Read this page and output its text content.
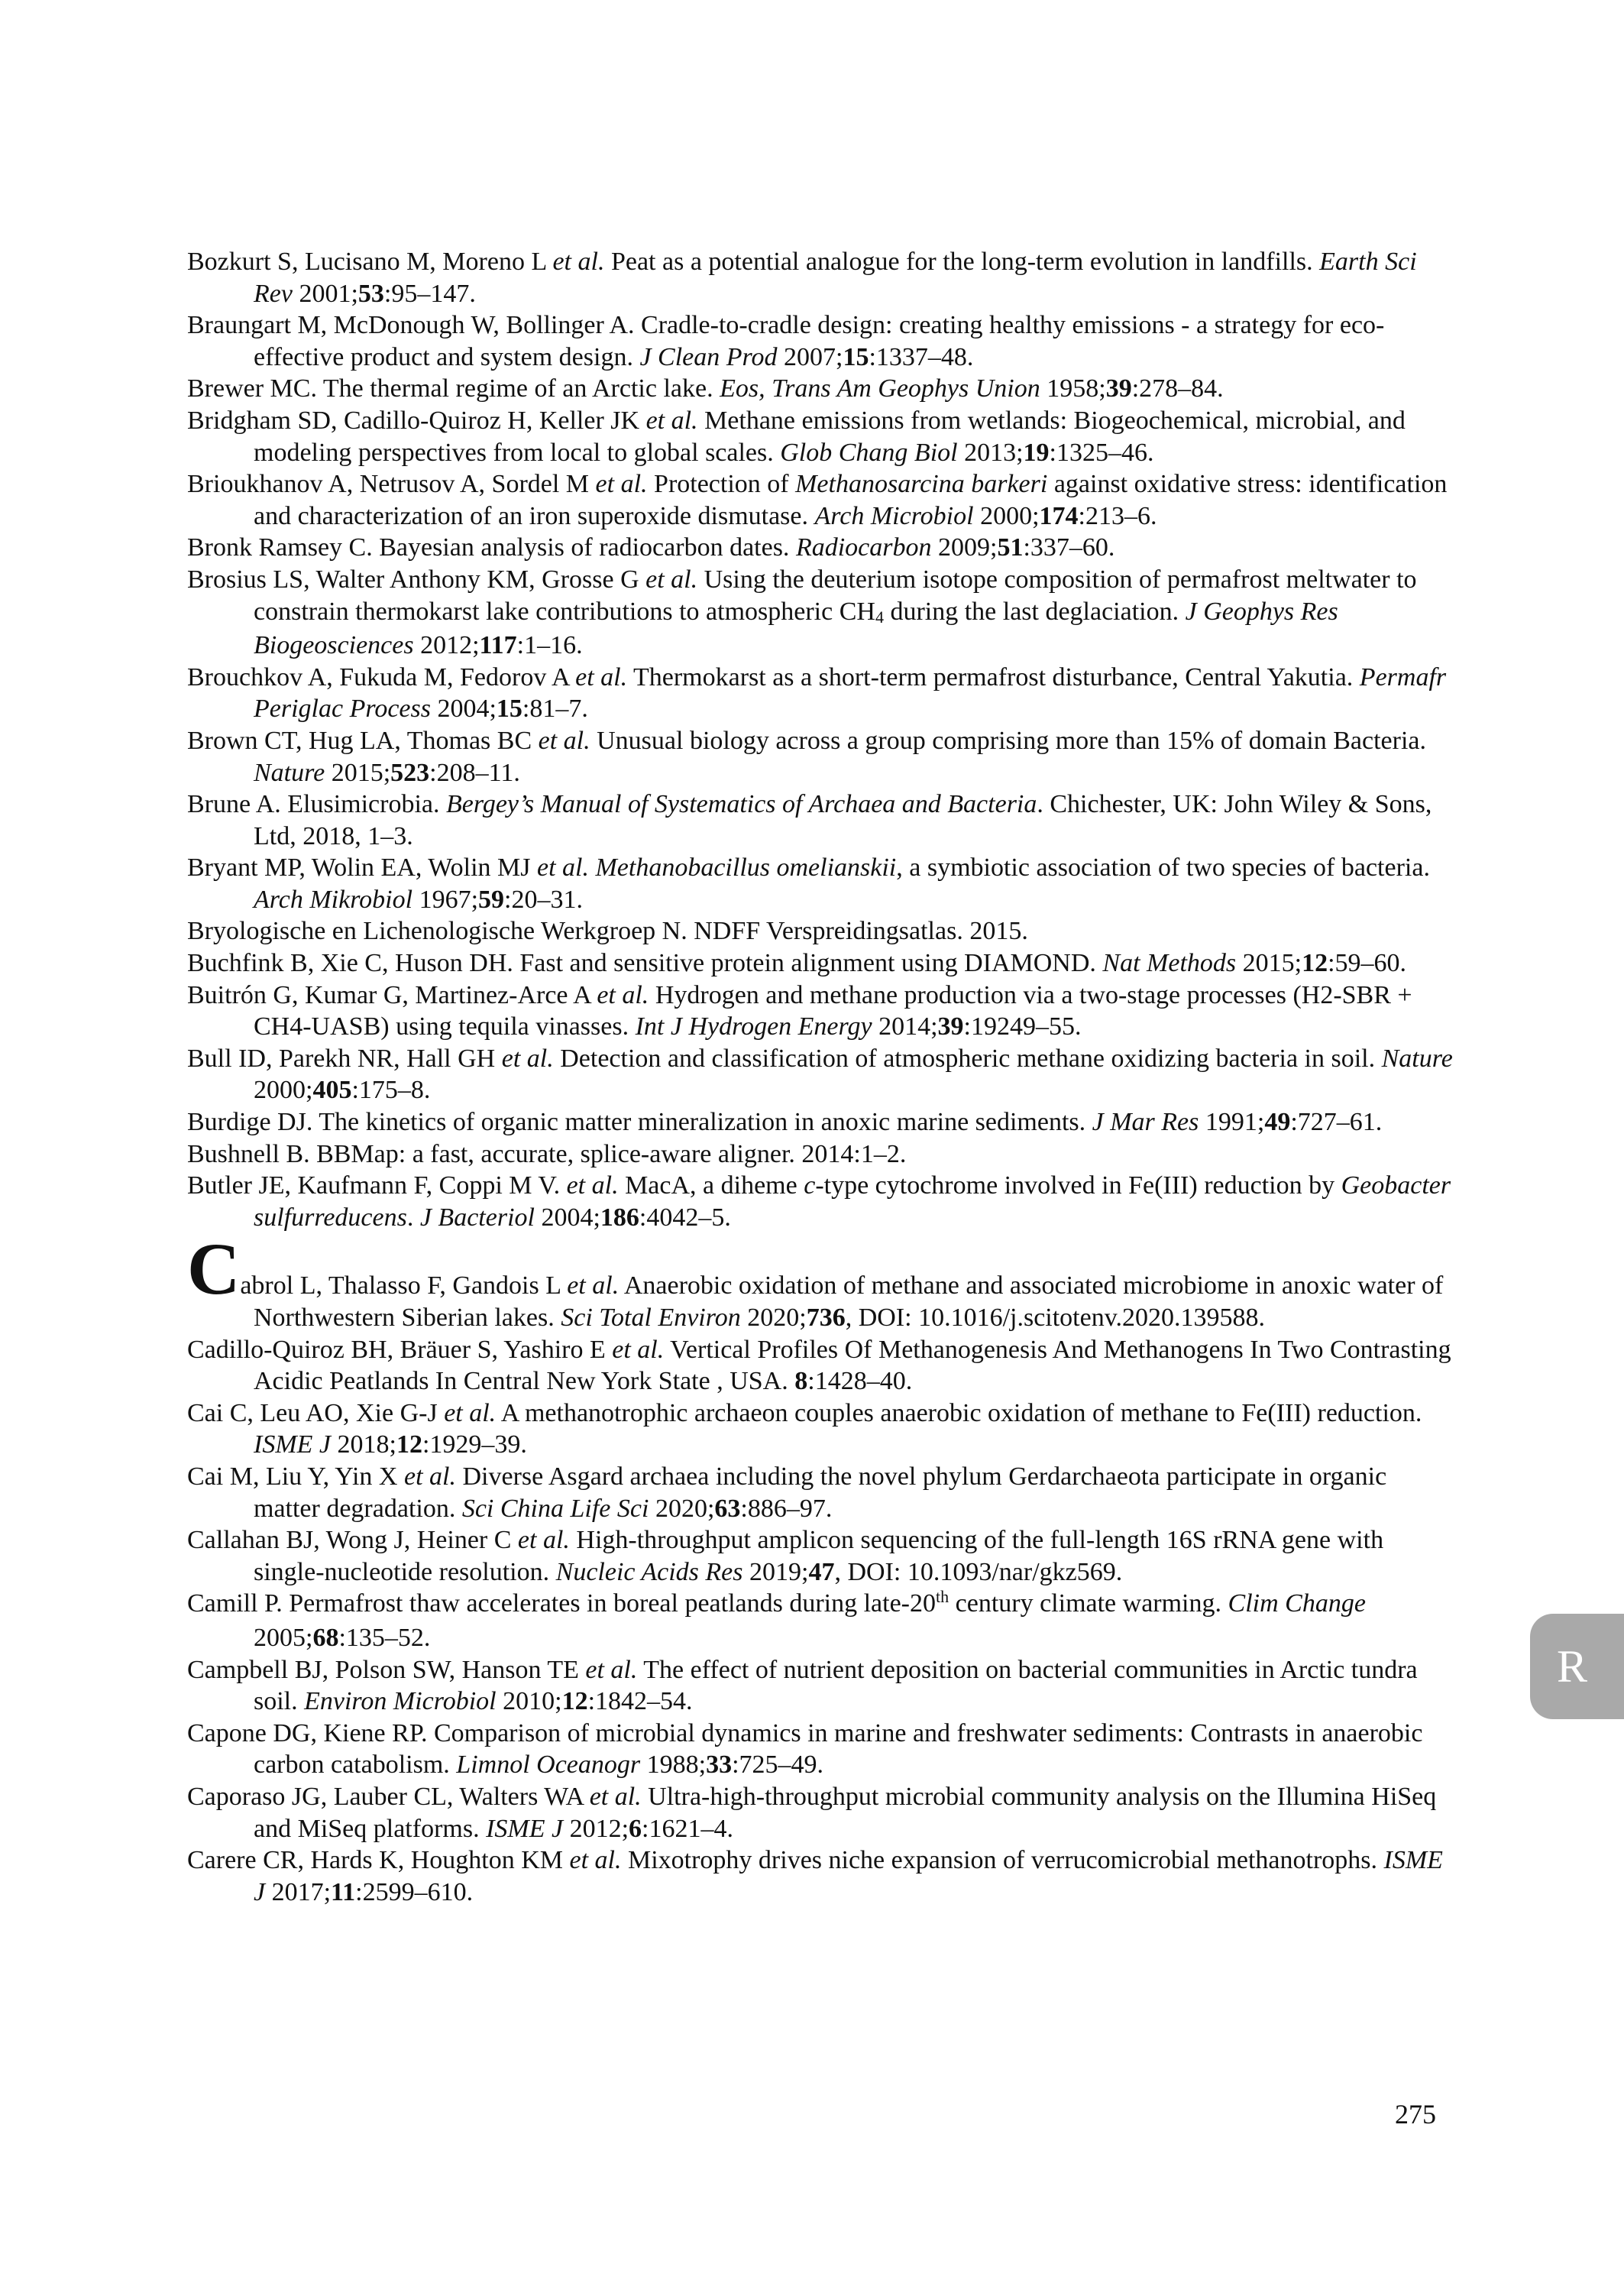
Bozkurt S, Lucisano M, Moreno L et al. Peat as a potential analogue for the long-term evolution in landfills. Earth Sci Rev 2001;53:95–147.
Braungart M, McDonough W, Bollinger A. Cradle-to-cradle design: creating healthy emissions - a strategy for eco-effective product and system design. J Clean Prod 2007;15:1337–48.
Brewer MC. The thermal regime of an Arctic lake. Eos, Trans Am Geophys Union 1958;39:278–84.
Bridgham SD, Cadillo-Quiroz H, Keller JK et al. Methane emissions from wetlands: Biogeochemical, microbial, and modeling perspectives from local to global scales. Glob Chang Biol 2013;19:1325–46.
Brioukhanov A, Netrusov A, Sordel M et al. Protection of Methanosarcina barkeri against oxidative stress: identification and characterization of an iron superoxide dismutase. Arch Microbiol 2000;174:213–6.
Bronk Ramsey C. Bayesian analysis of radiocarbon dates. Radiocarbon 2009;51:337–60.
Brosius LS, Walter Anthony KM, Grosse G et al. Using the deuterium isotope composition of permafrost meltwater to constrain thermokarst lake contributions to atmospheric $CH_4$ during the last deglaciation. J Geophys Res Biogeosciences 2012;117:1–16.
Brouchkov A, Fukuda M, Fedorov A et al. Thermokarst as a short-term permafrost disturbance, Central Yakutia. Permafr Periglac Process 2004;15:81–7.
Brown CT, Hug LA, Thomas BC et al. Unusual biology across a group comprising more than 15% of domain Bacteria. Nature 2015;523:208–11.
Brune A. Elusimicrobia. Bergey’s Manual of Systematics of Archaea and Bacteria. Chichester, UK: John Wiley & Sons, Ltd, 2018, 1–3.
Bryant MP, Wolin EA, Wolin MJ et al. Methanobacillus omelianskii, a symbiotic association of two species of bacteria. Arch Mikrobiol 1967;59:20–31.
Bryologische en Lichenologische Werkgroep N. NDFF Verspreidingsatlas. 2015.
Buchfink B, Xie C, Huson DH. Fast and sensitive protein alignment using DIAMOND. Nat Methods 2015;12:59–60.
Buitrón G, Kumar G, Martinez-Arce A et al. Hydrogen and methane production via a two-stage processes (H2-SBR + CH4-UASB) using tequila vinasses. Int J Hydrogen Energy 2014;39:19249–55.
Bull ID, Parekh NR, Hall GH et al. Detection and classification of atmospheric methane oxidizing bacteria in soil. Nature 2000;405:175–8.
Burdige DJ. The kinetics of organic matter mineralization in anoxic marine sediments. J Mar Res 1991;49:727–61.
Bushnell B. BBMap: a fast, accurate, splice-aware aligner. 2014:1–2.
Butler JE, Kaufmann F, Coppi M V. et al. MacA, a diheme c-type cytochrome involved in Fe(III) reduction by Geobacter sulfurreducens. J Bacteriol 2004;186:4042–5.
Cabrol L, Thalasso F, Gandois L et al. Anaerobic oxidation of methane and associated microbiome in anoxic water of Northwestern Siberian lakes. Sci Total Environ 2020;736, DOI: 10.1016/j.scitotenv.2020.139588.
Cadillo-Quiroz BH, Bräuer S, Yashiro E et al. Vertical Profiles Of Methanogenesis And Methanogens In Two Contrasting Acidic Peatlands In Central New York State , USA. 8:1428–40.
Cai C, Leu AO, Xie G-J et al. A methanotrophic archaeon couples anaerobic oxidation of methane to Fe(III) reduction. ISME J 2018;12:1929–39.
Cai M, Liu Y, Yin X et al. Diverse Asgard archaea including the novel phylum Gerdarchaeota participate in organic matter degradation. Sci China Life Sci 2020;63:886–97.
Callahan BJ, Wong J, Heiner C et al. High-throughput amplicon sequencing of the full-length 16S rRNA gene with single-nucleotide resolution. Nucleic Acids Res 2019;47, DOI: 10.1093/nar/gkz569.
Camill P. Permafrost thaw accelerates in boreal peatlands during late-20th century climate warming. Clim Change 2005;68:135–52.
Campbell BJ, Polson SW, Hanson TE et al. The effect of nutrient deposition on bacterial communities in Arctic tundra soil. Environ Microbiol 2010;12:1842–54.
Capone DG, Kiene RP. Comparison of microbial dynamics in marine and freshwater sediments: Contrasts in anaerobic carbon catabolism. Limnol Oceanogr 1988;33:725–49.
Caporaso JG, Lauber CL, Walters WA et al. Ultra-high-throughput microbial community analysis on the Illumina HiSeq and MiSeq platforms. ISME J 2012;6:1621–4.
Carere CR, Hards K, Houghton KM et al. Mixotrophy drives niche expansion of verrucomicrobial methanotrophs. ISME J 2017;11:2599–610.
R
275
